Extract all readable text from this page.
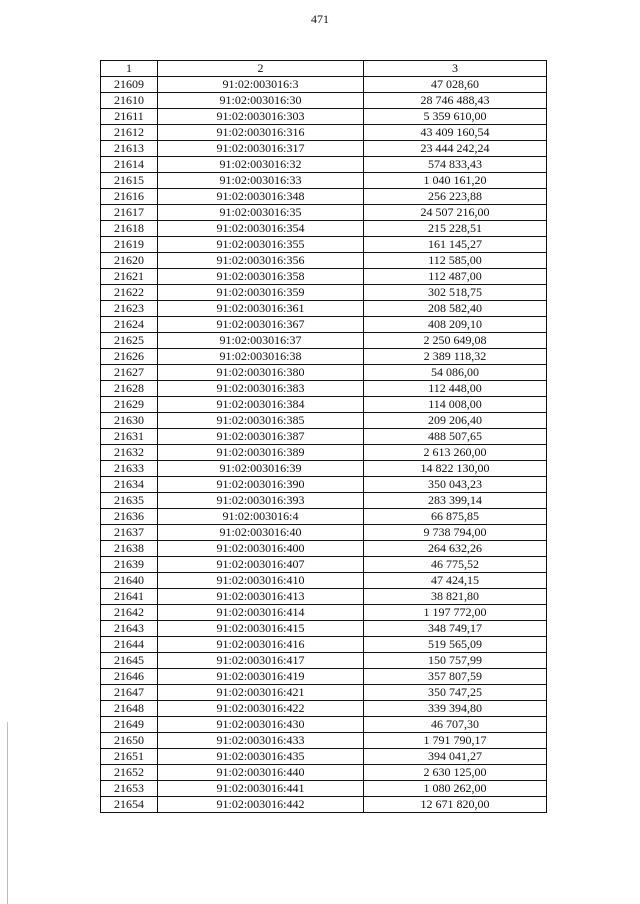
471
1	2	3
21609	91:02:003016:3	47 028,60
21610	91:02:003016:30	28 746 488,43
21611	91:02:003016:303	5 359 610,00
21612	91:02:003016:316	43 409 160,54
21613	91:02:003016:317	23 444 242,24
21614	91:02:003016:32	574 833,43
21615	91:02:003016:33	1 040 161,20
21616	91:02:003016:348	256 223,88
21617	91:02:003016:35	24 507 216,00
21618	91:02:003016:354	215 228,51
21619	91:02:003016:355	161 145,27
21620	91:02:003016:356	112 585,00
21621	91:02:003016:358	112 487,00
21622	91:02:003016:359	302 518,75
21623	91:02:003016:361	208 582,40
21624	91:02:003016:367	408 209,10
21625	91:02:003016:37	2 250 649,08
21626	91:02:003016:38	2 389 118,32
21627	91:02:003016:380	54 086,00
21628	91:02:003016:383	112 448,00
21629	91:02:003016:384	114 008,00
21630	91:02:003016:385	209 206,40
21631	91:02:003016:387	488 507,65
21632	91:02:003016:389	2 613 260,00
21633	91:02:003016:39	14 822 130,00
21634	91:02:003016:390	350 043,23
21635	91:02:003016:393	283 399,14
21636	91:02:003016:4	66 875,85
21637	91:02:003016:40	9 738 794,00
21638	91:02:003016:400	264 632,26
21639	91:02:003016:407	46 775,52
21640	91:02:003016:410	47 424,15
21641	91:02:003016:413	38 821,80
21642	91:02:003016:414	1 197 772,00
21643	91:02:003016:415	348 749,17
21644	91:02:003016:416	519 565,09
21645	91:02:003016:417	150 757,99
21646	91:02:003016:419	357 807,59
21647	91:02:003016:421	350 747,25
21648	91:02:003016:422	339 394,80
21649	91:02:003016:430	46 707,30
21650	91:02:003016:433	1 791 790,17
21651	91:02:003016:435	394 041,27
21652	91:02:003016:440	2 630 125,00
21653	91:02:003016:441	1 080 262,00
21654	91:02:003016:442	12 671 820,00
